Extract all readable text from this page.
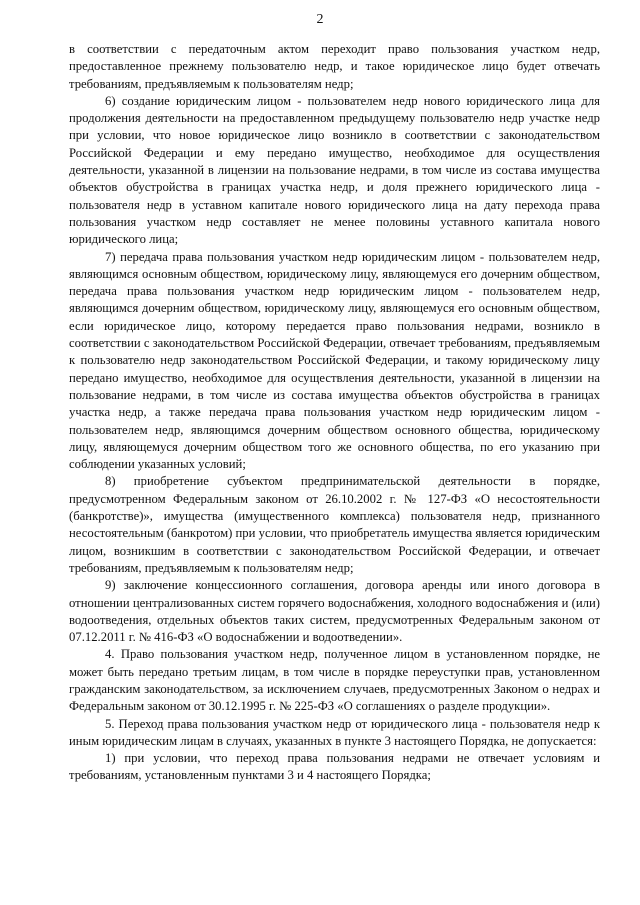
2

в соответствии с передаточным актом переходит право пользования участком недр, предоставленное прежнему пользователю недр, и такое юридическое лицо будет отвечать требованиям, предъявляемым к пользователям недр;

6) создание юридическим лицом - пользователем недр нового юридического лица для продолжения деятельности на предоставленном предыдущему пользователю недр участке недр при условии, что новое юридическое лицо возникло в соответствии с законодательством Российской Федерации и ему передано имущество, необходимое для осуществления деятельности, указанной в лицензии на пользование недрами, в том числе из состава имущества объектов обустройства в границах участка недр, и доля прежнего юридического лица - пользователя недр в уставном капитале нового юридического лица на дату перехода права пользования участком недр составляет не менее половины уставного капитала нового юридического лица;

7) передача права пользования участком недр юридическим лицом - пользователем недр, являющимся основным обществом, юридическому лицу, являющемуся его дочерним обществом, передача права пользования участком недр юридическим лицом - пользователем недр, являющимся дочерним обществом, юридическому лицу, являющемуся его основным обществом, если юридическое лицо, которому передается право пользования недрами, возникло в соответствии с законодательством Российской Федерации, отвечает требованиям, предъявляемым к пользователю недр законодательством Российской Федерации, и такому юридическому лицу передано имущество, необходимое для осуществления деятельности, указанной в лицензии на пользование недрами, в том числе из состава имущества объектов обустройства в границах участка недр, а также передача права пользования участком недр юридическим лицом - пользователем недр, являющимся дочерним обществом основного общества, юридическому лицу, являющемуся дочерним обществом того же основного общества, по его указанию при соблюдении указанных условий;

8) приобретение субъектом предпринимательской деятельности в порядке, предусмотренном Федеральным законом от 26.10.2002 г. № 127-ФЗ «О несостоятельности (банкротстве)», имущества (имущественного комплекса) пользователя недр, признанного несостоятельным (банкротом) при условии, что приобретатель имущества является юридическим лицом, возникшим в соответствии с законодательством Российской Федерации, и отвечает требованиям, предъявляемым к пользователям недр;

9) заключение концессионного соглашения, договора аренды или иного договора в отношении централизованных систем горячего водоснабжения, холодного водоснабжения и (или) водоотведения, отдельных объектов таких систем, предусмотренных Федеральным законом от 07.12.2011 г. № 416-ФЗ «О водоснабжении и водоотведении».

4. Право пользования участком недр, полученное лицом в установленном порядке, не может быть передано третьим лицам, в том числе в порядке переуступки прав, установленном гражданским законодательством, за исключением случаев, предусмотренных Законом о недрах и Федеральным законом от 30.12.1995 г. № 225-ФЗ «О соглашениях о разделе продукции».

5. Переход права пользования участком недр от юридического лица - пользователя недр к иным юридическим лицам в случаях, указанных в пункте 3 настоящего Порядка, не допускается:

1) при условии, что переход права пользования недрами не отвечает условиям и требованиям, установленным пунктами 3 и 4 настоящего Порядка;
